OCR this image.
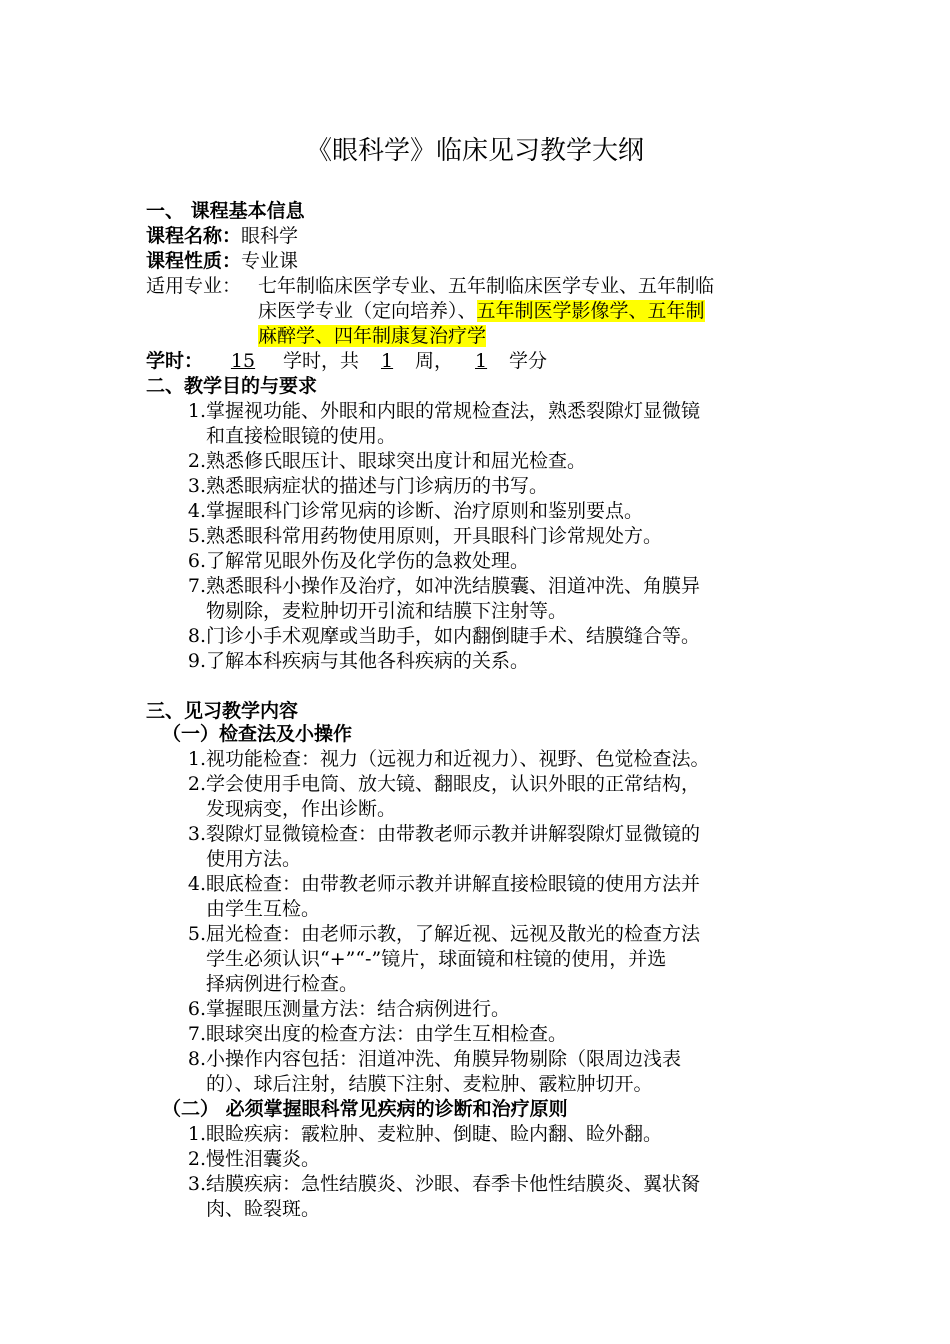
《眼科学》临床见习教学大纲
一、 课程基本信息
课程名称：眼科学
课程性质：专业课
适用专业： 七年制临床医学专业、五年制临床医学专业、五年制临
床医学专业（定向培养）、五年制医学影像学、五年制
麻醉学、四年制康复治疗学
学时： 15 学时，共 1 周， 1 学分
二、教学目的与要求
1. 掌握视功能、外眼和内眼的常规检查法，熟悉裂隙灯显微镜
和直接检眼镜的使用。
2. 熟悉修氏眼压计、眼球突出度计和屈光检查。
3. 熟悉眼病症状的描述与门诊病历的书写。
4. 掌握眼科门诊常见病的诊断、治疗原则和鉴别要点。
5. 熟悉眼科常用药物使用原则，开具眼科门诊常规处方。
6. 了解常见眼外伤及化学伤的急救处理。
7. 熟悉眼科小操作及治疗，如冲洗结膜囊、泪道冲洗、角膜异
物剔除，麦粒肿切开引流和结膜下注射等。
8. 门诊小手术观摩或当助手，如内翻倒睫手术、结膜缝合等。
9. 了解本科疾病与其他各科疾病的关系。
三、见习教学内容
（一）检查法及小操作
1. 视功能检查：视力（远视力和近视力）、视野、色觉检查法。
2. 学会使用手电筒、放大镜、翻眼皮，认识外眼的正常结构，
发现病变，作出诊断。
3. 裂隙灯显微镜检查：由带教老师示教并讲解裂隙灯显微镜的
使用方法。
4. 眼底检查：由带教老师示教并讲解直接检眼镜的使用方法并
由学生互检。
5. 屈光检查：由老师示教，了解近视、远视及散光的检查方法
学生必须认识“+”“-”镜片，球面镜和柱镜的使用，并选
择病例进行检查。
6. 掌握眼压测量方法：结合病例进行。
7. 眼球突出度的检查方法：由学生互相检查。
8. 小操作内容包括：泪道冲洗、角膜异物剔除（限周边浅表
的）、球后注射，结膜下注射、麦粒肿、霰粒肿切开。
（二） 必须掌握眼科常见疾病的诊断和治疗原则
1. 眼睑疾病：霰粒肿、麦粒肿、倒睫、睑内翻、睑外翻。
2. 慢性泪囊炎。
3. 结膜疾病：急性结膜炎、沙眼、春季卡他性结膜炎、翼状胬
肉、睑裂斑。
